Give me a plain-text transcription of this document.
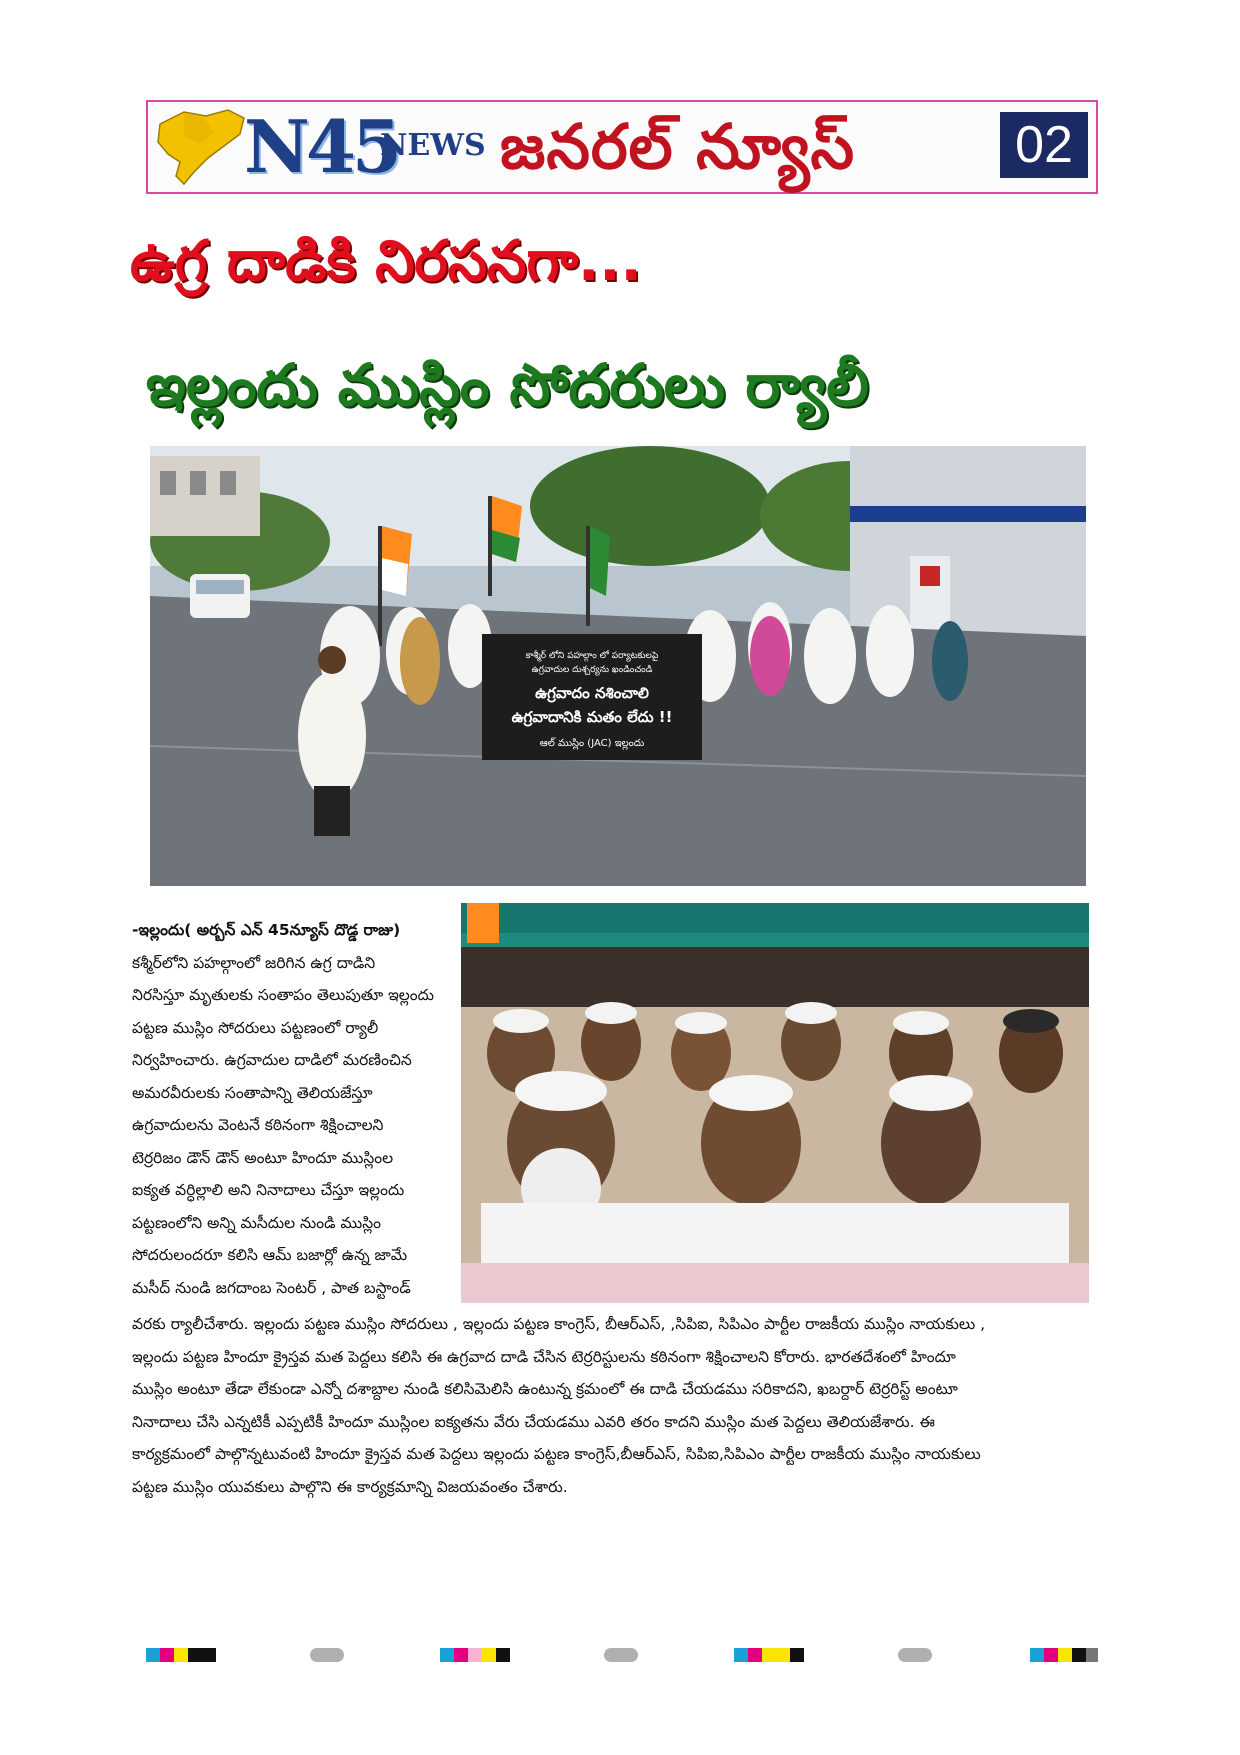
N45
NEWS జనరల్ న్యూస్	02
ఉగ్ర దాడికి నిరసనగా...
ఇల్లందు ముస్లిం సోదరులు ర్యాలీ
కాశ్మీర్ లోని పహల్గాం లో పర్యాటకులపై
ఉగ్రవాదుల దుశ్చర్యను ఖండించండి
ఉగ్రవాదం నశించాలి
ఉగ్రవాదానికి మతం లేదు !!
ఆల్ ముస్లిం (JAC) ఇల్లందు

-ఇల్లందు( అర్బన్ ఎన్ 45న్యూస్ దొడ్డ రాజు)

కశ్మీర్‌లోని పహల్గాంలో జరిగిన ఉగ్ర దాడిని

నిరసిస్తూ మృతులకు సంతాపం తెలుపుతూ ఇల్లందు

పట్టణ ముస్లిం సోదరులు పట్టణంలో ర్యాలీ

నిర్వహించారు. ఉగ్రవాదుల దాడిలో మరణించిన

అమరవీరులకు సంతాపాన్ని తెలియజేస్తూ

ఉగ్రవాదులను వెంటనే కఠినంగా శిక్షించాలని

టెర్రరిజం డౌన్ డౌన్ అంటూ హిందూ ముస్లింల

ఐక్యత వర్ధిల్లాలి అని నినాదాలు చేస్తూ ఇల్లందు

పట్టణంలోని అన్ని మసీదుల నుండి ముస్లిం

సోదరులందరూ కలిసి ఆమ్ బజార్లో ఉన్న జామే

మసీద్ నుండి జగదాంబ సెంటర్ , పాత బస్టాండ్

వరకు ర్యాలీచేశారు. ఇల్లందు పట్టణ ముస్లిం సోదరులు , ఇల్లందు పట్టణ కాంగ్రెస్, బీఆర్ఎస్, ,సిపిఐ, సిపిఎం పార్టీల రాజకీయ ముస్లిం నాయకులు ,

ఇల్లందు పట్టణ హిందూ క్రైస్తవ మత పెద్దలు కలిసి ఈ ఉగ్రవాద దాడి చేసిన టెర్రరిస్టులను కఠినంగా శిక్షించాలని కోరారు. భారతదేశంలో హిందూ

ముస్లిం అంటూ తేడా లేకుండా ఎన్నో దశాబ్దాల నుండి కలిసిమెలిసి ఉంటున్న క్రమంలో ఈ దాడి చేయడము సరికాదని, ఖబర్దార్ టెర్రరిస్ట్ అంటూ

నినాదాలు చేసి ఎన్నటికీ ఎప్పటికీ హిందూ ముస్లింల ఐక్యతను వేరు చేయడము ఎవరి తరం కాదని ముస్లిం మత పెద్దలు తెలియజేశారు. ఈ

కార్యక్రమంలో పాల్గొన్నటువంటి హిందూ క్రైస్తవ మత పెద్దలు ఇల్లందు పట్టణ కాంగ్రెస్,బీఆర్ఎస్, సిపిఐ,సిపిఎం పార్టీల రాజకీయ ముస్లిం నాయకులు

పట్టణ ముస్లిం యువకులు పాల్గొని ఈ కార్యక్రమాన్ని విజయవంతం చేశారు.
